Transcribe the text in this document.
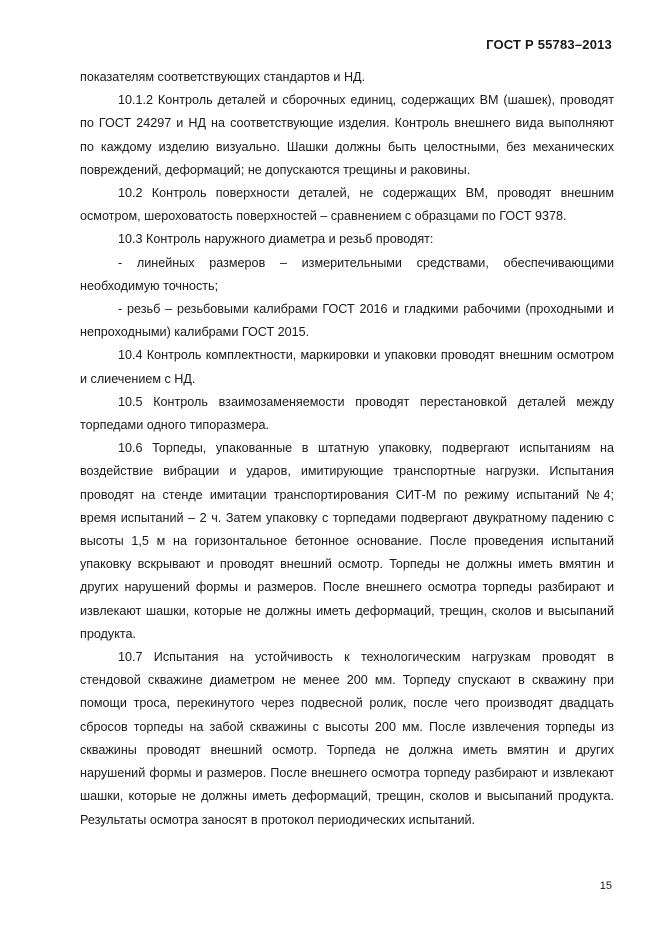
ГОСТ Р 55783–2013

показателям соответствующих стандартов и НД.

10.1.2 Контроль деталей и сборочных единиц, содержащих ВМ (шашек), проводят по ГОСТ 24297 и НД на соответствующие изделия. Контроль внешнего вида выполняют по каждому изделию визуально. Шашки должны быть целостными, без механических повреждений, деформаций; не допускаются трещины и раковины.

10.2 Контроль поверхности деталей, не содержащих ВМ, проводят внешним осмотром, шероховатость поверхностей – сравнением с образцами по ГОСТ 9378.

10.3 Контроль наружного диаметра и резьб проводят:

- линейных размеров – измерительными средствами, обеспечивающими необходимую точность;

- резьб – резьбовыми калибрами ГОСТ 2016 и гладкими рабочими (проходными и непроходными) калибрами ГОСТ 2015.

10.4 Контроль комплектности, маркировки и упаковки проводят внешним осмотром и слиечением с НД.

10.5 Контроль взаимозаменяемости проводят перестановкой деталей между торпедами одного типоразмера.

10.6 Торпеды, упакованные в штатную упаковку, подвергают испытаниям на воздействие вибрации и ударов, имитирующие транспортные нагрузки. Испытания проводят на стенде имитации транспортирования СИТ-М по режиму испытаний №4; время испытаний – 2 ч. Затем упаковку с торпедами подвергают двукратному падению с высоты 1,5 м на горизонтальное бетонное основание. После проведения испытаний упаковку вскрывают и проводят внешний осмотр. Торпеды не должны иметь вмятин и других нарушений формы и размеров. После внешнего осмотра торпеды разбирают и извлекают шашки, которые не должны иметь деформаций, трещин, сколов и высыпаний продукта.

10.7 Испытания на устойчивость к технологическим нагрузкам проводят в стендовой скважине диаметром не менее 200 мм. Торпеду спускают в скважину при помощи троса, перекинутого через подвесной ролик, после чего производят двадцать сбросов торпеды на забой скважины с высоты 200 мм. После извлечения торпеды из скважины проводят внешний осмотр. Торпеда не должна иметь вмятин и других нарушений формы и размеров. После внешнего осмотра торпеду разбирают и извлекают шашки, которые не должны иметь деформаций, трещин, сколов и высыпаний продукта. Результаты осмотра заносят в протокол периодических испытаний.

15
